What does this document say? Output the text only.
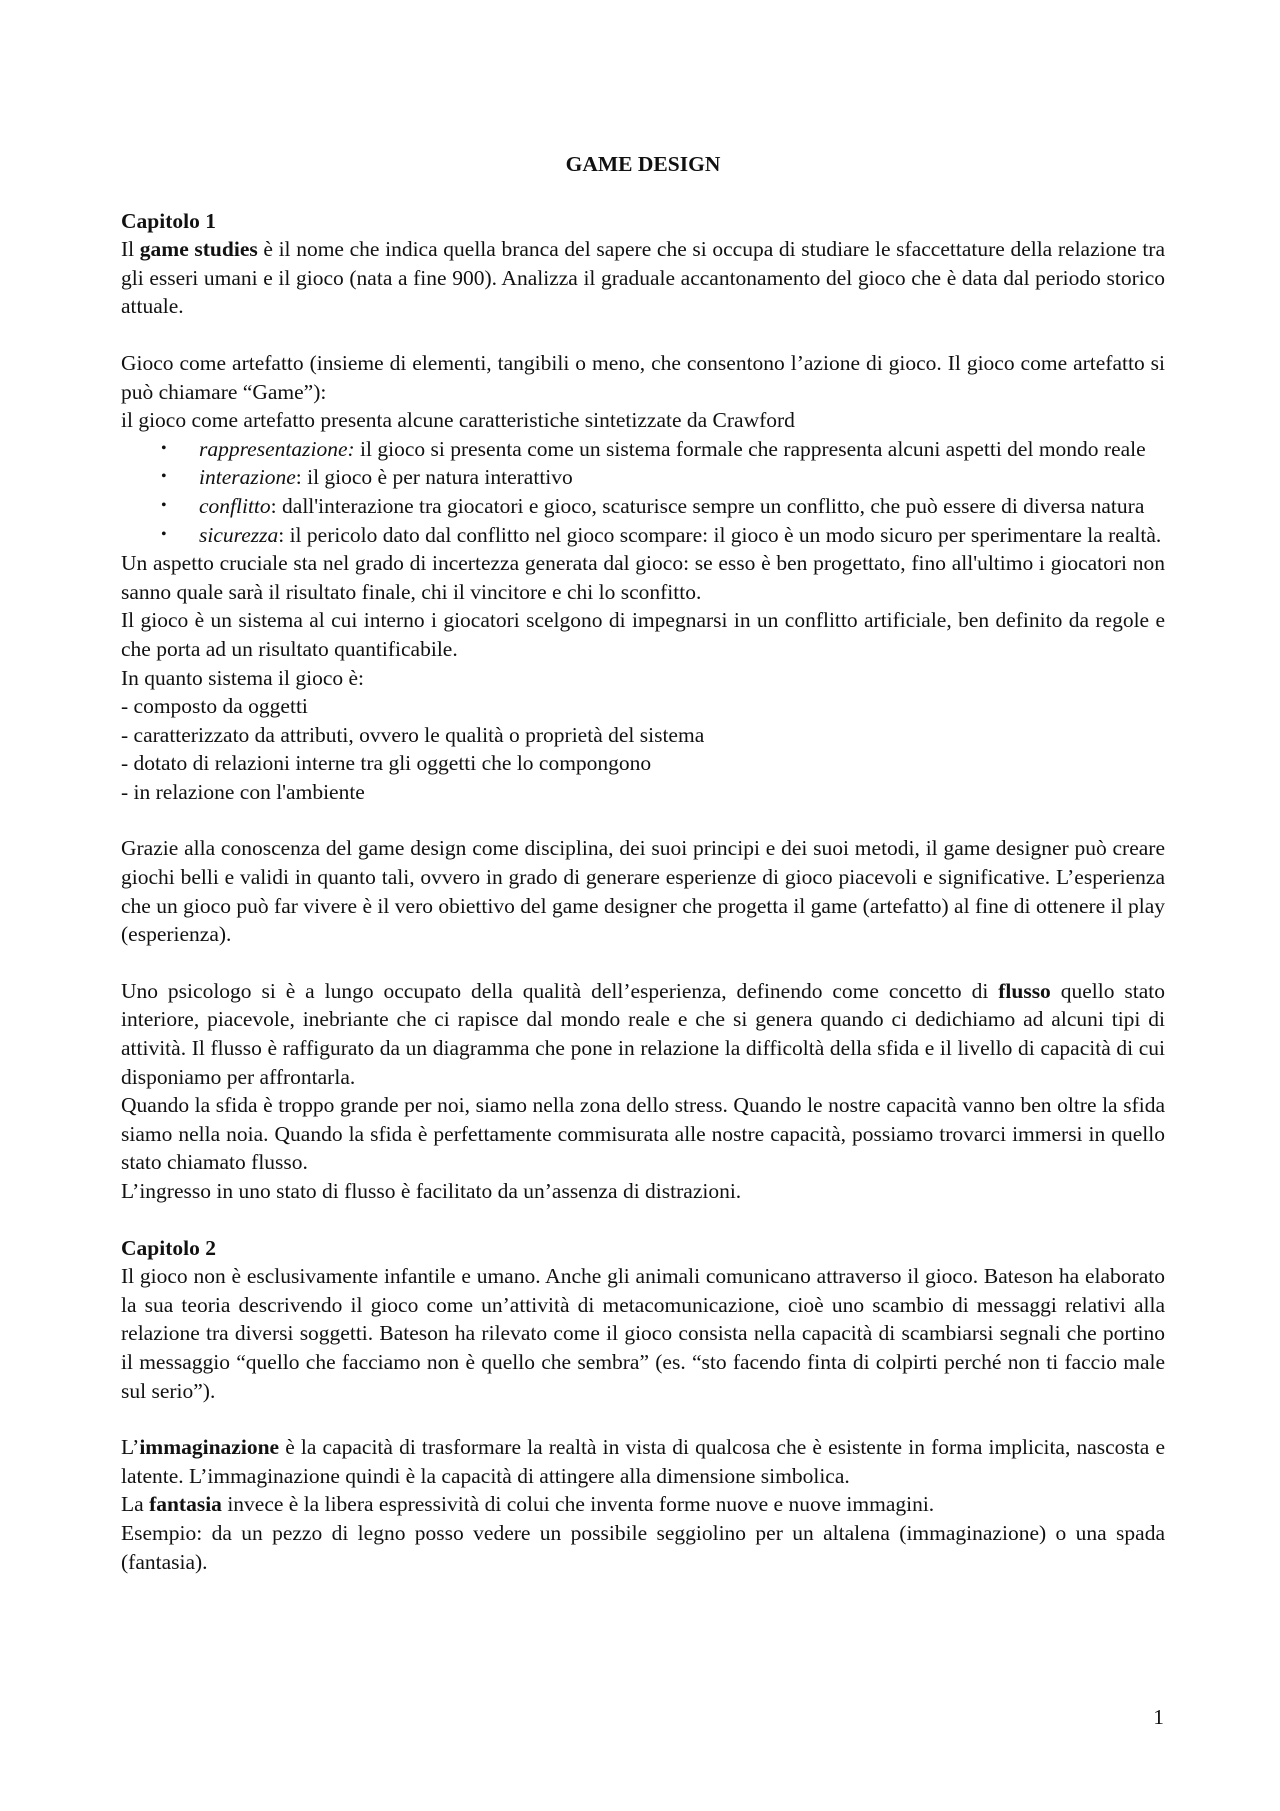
GAME DESIGN
Capitolo 1

Il game studies è il nome che indica quella branca del sapere che si occupa di studiare le sfaccettature della relazione tra gli esseri umani e il gioco (nata a fine 900). Analizza il graduale accantonamento del gioco che è data dal periodo storico attuale.

Gioco come artefatto (insieme di elementi, tangibili o meno, che consentono l’azione di gioco. Il gioco come artefatto si può chiamare “Game”):

il gioco come artefatto presenta alcune caratteristiche sintetizzate da Crawford

• rappresentazione: il gioco si presenta come un sistema formale che rappresenta alcuni aspetti del mondo reale
• interazione: il gioco è per natura interattivo
• conflitto: dall'interazione tra giocatori e gioco, scaturisce sempre un conflitto, che può essere di diversa natura
• sicurezza: il pericolo dato dal conflitto nel gioco scompare: il gioco è un modo sicuro per sperimentare la realtà.

Un aspetto cruciale sta nel grado di incertezza generata dal gioco: se esso è ben progettato, fino all'ultimo i giocatori non sanno quale sarà il risultato finale, chi il vincitore e chi lo sconfitto.

Il gioco è un sistema al cui interno i giocatori scelgono di impegnarsi in un conflitto artificiale, ben definito da regole e che porta ad un risultato quantificabile.

In quanto sistema il gioco è:

- composto da oggetti
- caratterizzato da attributi, ovvero le qualità o proprietà del sistema
- dotato di relazioni interne tra gli oggetti che lo compongono
- in relazione con l'ambiente

Grazie alla conoscenza del game design come disciplina, dei suoi principi e dei suoi metodi, il game designer può creare giochi belli e validi in quanto tali, ovvero in grado di generare esperienze di gioco piacevoli e significative. L’esperienza che un gioco può far vivere è il vero obiettivo del game designer che progetta il game (artefatto) al fine di ottenere il play (esperienza).

Uno psicologo si è a lungo occupato della qualità dell’esperienza, definendo come concetto di flusso quello stato interiore, piacevole, inebriante che ci rapisce dal mondo reale e che si genera quando ci dedichiamo ad alcuni tipi di attività. Il flusso è raffigurato da un diagramma che pone in relazione la difficoltà della sfida e il livello di capacità di cui disponiamo per affrontarla.

Quando la sfida è troppo grande per noi, siamo nella zona dello stress. Quando le nostre capacità vanno ben oltre la sfida siamo nella noia. Quando la sfida è perfettamente commisurata alle nostre capacità, possiamo trovarci immersi in quello stato chiamato flusso.

L’ingresso in uno stato di flusso è facilitato da un’assenza di distrazioni.

Capitolo 2

Il gioco non è esclusivamente infantile e umano. Anche gli animali comunicano attraverso il gioco. Bateson ha elaborato la sua teoria descrivendo il gioco come un’attività di metacomunicazione, cioè uno scambio di messaggi relativi alla relazione tra diversi soggetti. Bateson ha rilevato come il gioco consista nella capacità di scambiarsi segnali che portino il messaggio “quello che facciamo non è quello che sembra” (es. “sto facendo finta di colpirti perché non ti faccio male sul serio”).

L’immaginazione è la capacità di trasformare la realtà in vista di qualcosa che è esistente in forma implicita, nascosta e latente. L’immaginazione quindi è la capacità di attingere alla dimensione simbolica.

La fantasia invece è la libera espressività di colui che inventa forme nuove e nuove immagini.

Esempio: da un pezzo di legno posso vedere un possibile seggiolino per un altalena (immaginazione) o una spada (fantasia).

1
